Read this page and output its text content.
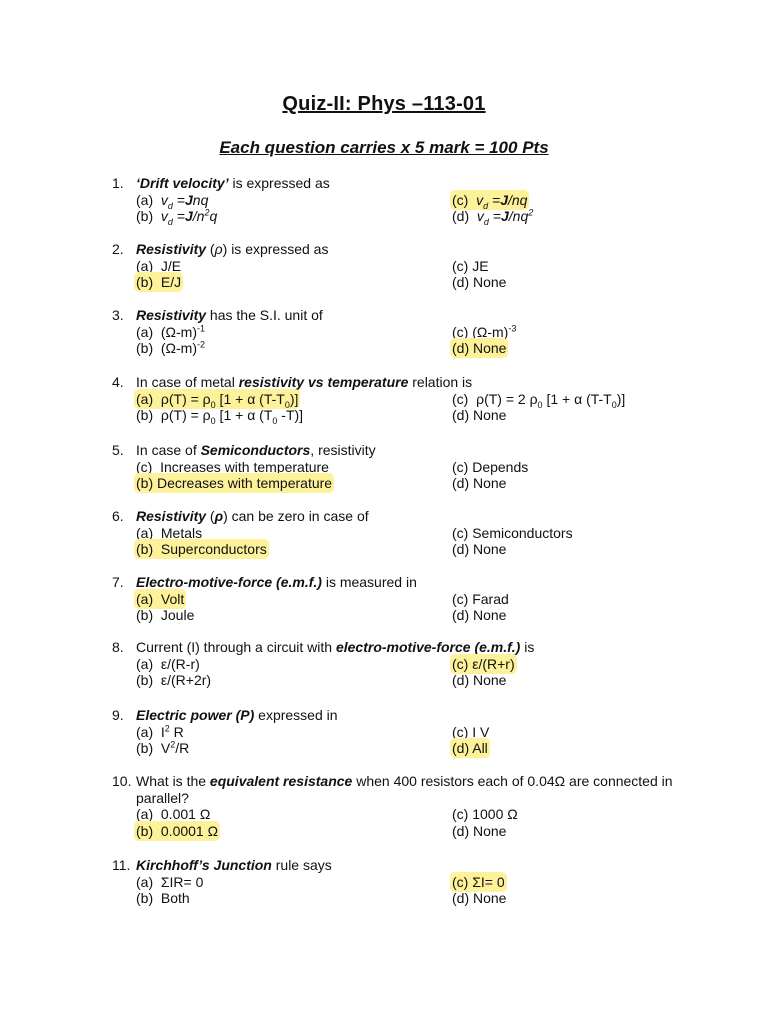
Quiz-II: Phys –113-01
Each question carries x 5 mark = 100 Pts
1. ‘Drift velocity’ is expressed as
(a)  $v_d =Jnq$	(c)  $v_d =J/nq$
(b)  $v_d =J/n^2q$	(d)  $v_d =J/nq^2$
2. Resistivity (ρ) is expressed as
(a)  J/E	(c) JE
(b)  E/J	(d) None
3. Resistivity has the S.I. unit of
(a)  $(\Omega-m)^{-1}$	(c) $(\Omega-m)^{-3}$
(b)  $(\Omega-m)^{-2}$	(d) None
4. In case of metal resistivity vs temperature relation is
(a)  $\rho(T) = \rho_0$ [1 + α $(T-T_0)$]	(c)  ρ(T) = 2 $\rho_0$ [1 + α $(T-T_0)$]
(b)  $\rho(T) = \rho_0$ [1 + α ($T_0$ -T)]	(d) None
5. In case of Semiconductors, resistivity
(c)  Increases with temperature	(c) Depends
(b) Decreases with temperature	(d) None
6. Resistivity (ρ) can be zero in case of
(a)  Metals	(c) Semiconductors
(b)  Superconductors	(d) None
7. Electro-motive-force (e.m.f.) is measured in
(a)  Volt	(c) Farad
(b)  Joule	(d) None
8. Current (I) through a circuit with electro-motive-force (e.m.f.) is
(a)  ε/(R-r)	(c) ε/(R+r)
(b)  ε/(R+2r)	(d) None
9. Electric power (P) expressed in
(a)  $I^2$ R	(c) I V
(b)  $V^2/R$	(d) All
10. What is the equivalent resistance when 400 resistors each of 0.04Ω are connected in parallel?
(a)  0.001 Ω	(c) 1000 Ω
(b)  0.0001 Ω	(d) None
11. Kirchhoff’s Junction rule says
(a)  ΣIR= 0	(c) ΣI= 0
(b)  Both	(d) None
